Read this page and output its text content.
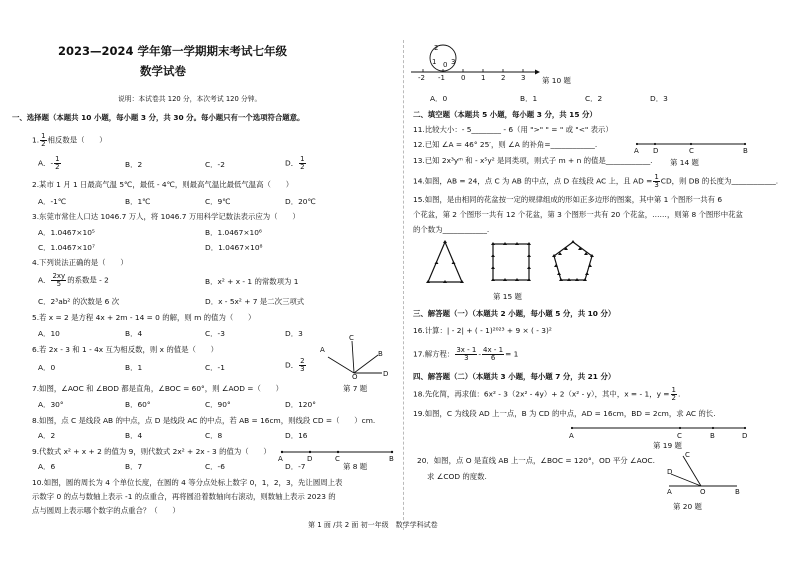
2023—2024 学年第一学期期末考试七年级
数学试卷
说明：本试卷共 120 分，本次考试 120 分钟。
一、选择题（本题共 10 小题，每小题 3 分，共 30 分。每小题只有一个选项符合题意。
1. $\frac{1}{2}$ 相反数是（　　）
A．- $\frac{1}{2}$	B．2	C．-2	D． $\frac{1}{2}$
2.某市 1 月 1 日最高气温 5℃，最低 - 4℃，则最高气温比最低气温高（　　）
A．-1℃	B．1℃	C．9℃	D．20℃
3.东莞市常住人口达 1046.7 万人，将 1046.7 万用科学记数法表示应为（　　）
A．1.0467×10⁵	B．1.0467×10⁶
C．1.0467×10⁷	D．1.0467×10⁸
4.下列说法正确的是（　　）
A． $\frac{2xy}{5}$ 的系数是 - 2	B．x² + x - 1 的常数项为 1
C．2³ab² 的次数是 6 次	D．x - 5x² + 7 是二次三项式
5.若 x = 2 是方程 4x + 2m - 14 = 0 的解，则 m 的值为（　　）
A．10	B．4	C．-3	D．3
6.若 2x - 3 和 1 - 4x 互为相反数，则 x 的值是（　　）
A．0	B．1	C．-1	D． $\frac{2}{3}$
A
C
B
D
O
第 7 题
7.如图，∠AOC 和 ∠BOD 都是直角，∠BOC = 60°，则 ∠AOD =（　　）
A．30°	B．60°	C．90°	D．120°
8.如图，点 C 是线段 AB 的中点，点 D 是线段 AC 的中点，若 AB = 16cm，则线段 CD =（　　）cm.
A．2	B．4	C．8	D．16
A	D	C	B
9.代数式 x² + x + 2 的值为 9，则代数式 2x² + 2x - 3 的值为（　　）
A．6	B．7	C．-6	D．-7	第 8 题
10.如图，圆的周长为 4 个单位长度，在圆的 4 等分点处标上数字 0，1，2，3，先让圆周上表
示数字 0 的点与数轴上表示 -1 的点重合，再将圆沿着数轴向右滚动，则数轴上表示 2023 的
点与圆周上表示哪个数字的点重合？（　　）
2
1 3
0
-2 -1 0 1 2 3 第 10 题
A．0	B．1	C．2	D．3
二、填空题（本题共 5 小题，每小题 3 分，共 15 分）
11.比较大小：- 5________ - 6（用 ">" " = " 或 "<" 表示）
12.已知 ∠A = 46° 25′，则 ∠A 的补角=____________.
A D	C	B
13.已知 2x³yᵐ 和 - x⁵y² 是同类项，则式子 m + n 的值是____________. 第 14 题
14.如图，AB = 24，点 C 为 AB 的中点，点 D 在线段 AC 上，且 AD = $\frac{1}{3}$ CD，则 DB 的长度为____________.
15.如图，是由相同的花盆按一定的规律组成的形如正多边形的图案，其中第 1 个图形一共有 6
个花盆，第 2 个图形一共有 12 个花盆，第 3 个图形一共有 20 个花盆，……，则第 8 个图形中花盆
的个数为____________.
第 15 题
三、解答题（一）（本题共 2 小题，每小题 5 分，共 10 分）
16.计算：| - 2| + ( - 1)²⁰²³ + 9 × ( - 3)²
17.解方程： $\frac{3x - 1}{3} - \frac{4x - 1}{6} = 1$
四、解答题（二）（本题共 3 小题，每小题 7 分，共 21 分）
18.先化简，再求值：6x² - 3（2x² - 4y）+ 2（x² - y），其中，x = - 1，$y = \frac{1}{2}$ .
19.如图，C 为线段 AD 上一点，B 为 CD 的中点，AD = 16cm，BD = 2cm，求 AC 的长.
A	C	B	D
第 19 题
20．如图，点 O 是直线 AB 上一点，∠BOC = 120°，OD 平分 ∠AOC.
求 ∠COD 的度数.
C
D
A	O	B
第 20 题
第 1 面 /共 2 面 初一年级　数学学科试卷
